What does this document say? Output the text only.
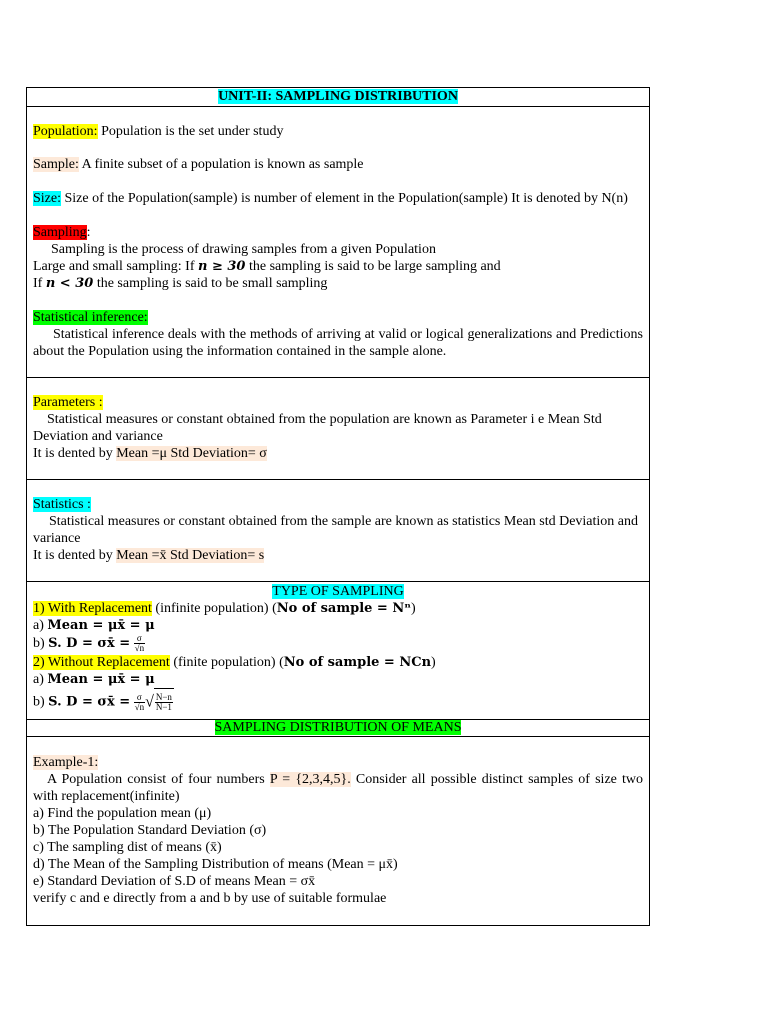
UNIT-II: SAMPLING DISTRIBUTION

Population: Population is the set under study

Sample: A finite subset of a population is known as sample

Size: Size of the Population(sample) is number of element in the Population(sample) It is denoted by N(n)

Sampling:

Sampling is the process of drawing samples from a given Population

Large and small sampling: If n ≥ 30 the sampling is said to be large sampling and

If n < 30 the sampling is said to be small sampling

Statistical inference:

Statistical inference deals with the methods of arriving at valid or logical generalizations and Predictions about the Population using the information contained in the sample alone.

Parameters :

Statistical measures or constant obtained from the population are known as Parameter i e Mean Std Deviation and variance

It is dented by Mean =μ Std Deviation= σ

Statistics :

Statistical measures or constant obtained from the sample are known as statistics Mean std Deviation and variance

It is dented by Mean =x̄ Std Deviation= s

TYPE OF SAMPLING

1) With Replacement (infinite population) (No of sample = Nⁿ)

a) Mean = μx̄ = μ

b) S. D = σx̄ = $\frac{\sigma}{√n}$

2) Without Replacement (finite population) (No of sample = NCn)

a) Mean = μx̄ = μ

b) S. D = σx̄ = $\frac{\sigma}{√n}$ √ $\frac{N-n}{N-1}$

SAMPLING DISTRIBUTION OF MEANS

Example-1:

A Population consist of four numbers P = {2,3,4,5}. Consider all possible distinct samples of size two with replacement(infinite)

a) Find the population mean (μ)

b) The Population Standard Deviation (σ)

c) The sampling dist of means (x̄)

d) The Mean of the Sampling Distribution of means (Mean = μx̄)

e) Standard Deviation of S.D of means Mean = σx̄

verify c and e directly from a and b by use of suitable formulae
